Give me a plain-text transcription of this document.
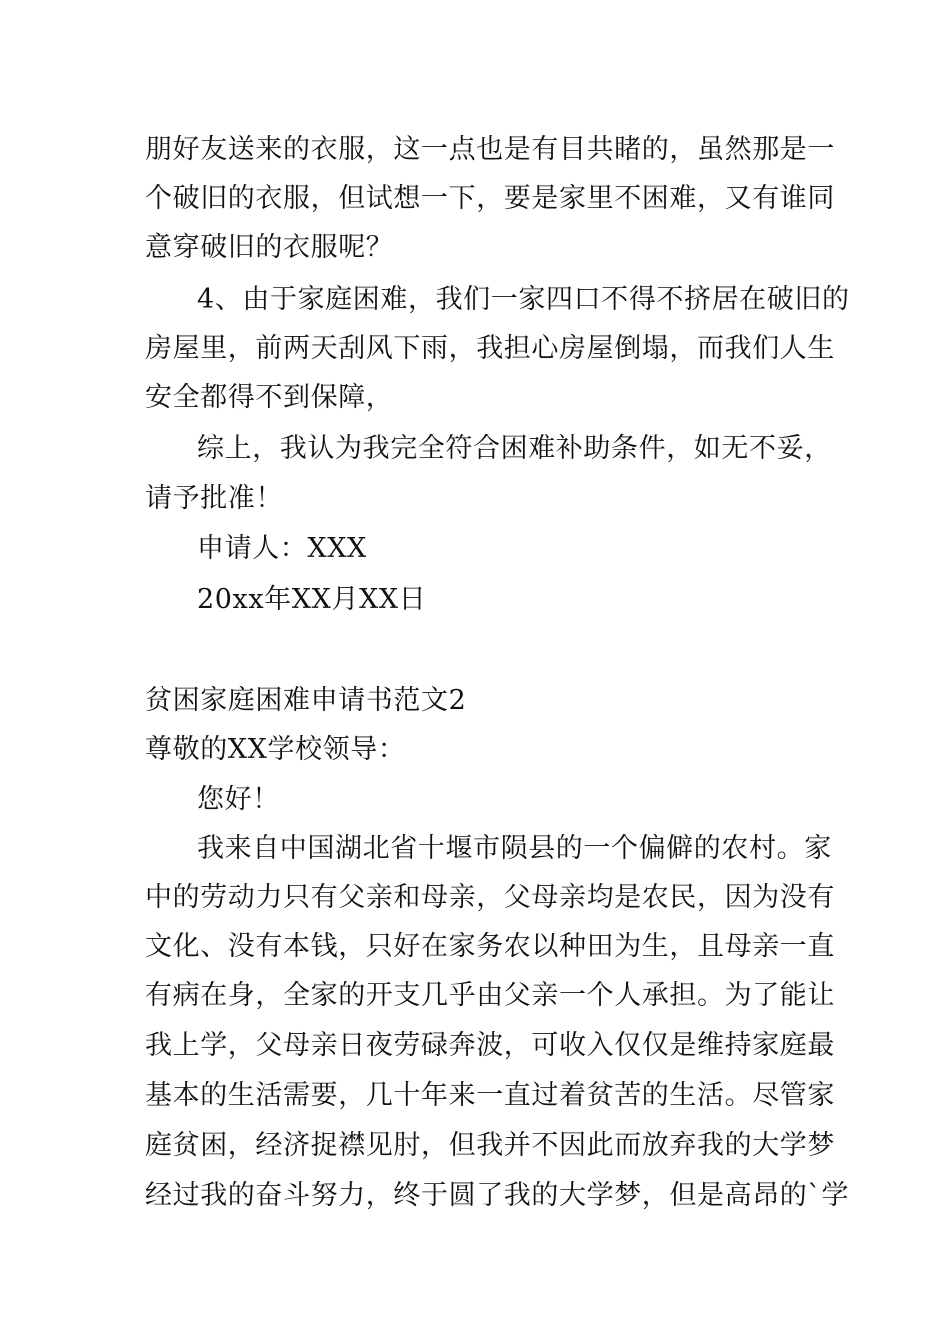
朋好友送来的衣服，这一点也是有目共睹的，虽然那是一
个破旧的衣服，但试想一下，要是家里不困难，又有谁同
意穿破旧的衣服呢？
4、由于家庭困难，我们一家四口不得不挤居在破旧的
房屋里，前两天刮风下雨，我担心房屋倒塌，而我们人生
安全都得不到保障，
综上，我认为我完全符合困难补助条件，如无不妥，
请予批准！
申请人：XXX
20xx年XX月XX日
贫困家庭困难申请书范文2
尊敬的XX学校领导：
您好！
我来自中国湖北省十堰市陨县的一个偏僻的农村。家
中的劳动力只有父亲和母亲，父母亲均是农民，因为没有
文化、没有本钱，只好在家务农以种田为生，且母亲一直
有病在身，全家的开支几乎由父亲一个人承担。为了能让
我上学，父母亲日夜劳碌奔波，可收入仅仅是维持家庭最
基本的生活需要，几十年来一直过着贫苦的生活。尽管家
庭贫困，经济捉襟见肘，但我并不因此而放弃我的大学梦
经过我的奋斗努力，终于圆了我的大学梦，但是高昂的`学
